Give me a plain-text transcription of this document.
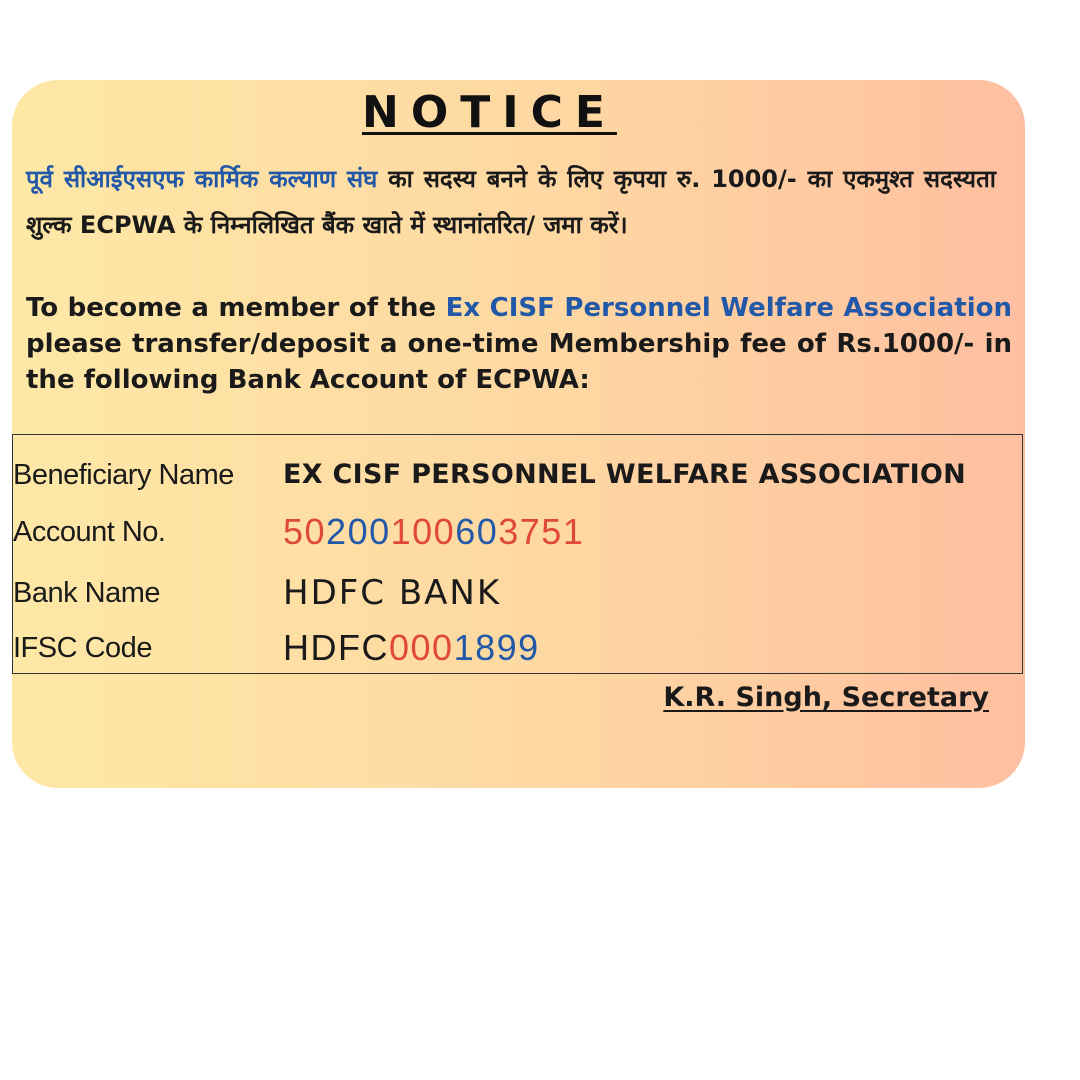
NOTICE

पूर्व सीआईएसएफ कार्मिक कल्याण संघ का सदस्य बनने के लिए कृपया रु. 1000/- का एकमुश्त सदस्यता शुल्क ECPWA के निम्नलिखित बैंक खाते में स्थानांतरित/ जमा करें।

To become a member of the Ex CISF Personnel Welfare Association please transfer/deposit a one-time Membership fee of Rs.1000/- in the following Bank Account of ECPWA:

Beneficiary Name EX CISF PERSONNEL WELFARE ASSOCIATION
Account No.	50200100603751
Bank Name	HDFC BANK
IFSC Code	HDFC0001899

K.R. Singh, Secretary
